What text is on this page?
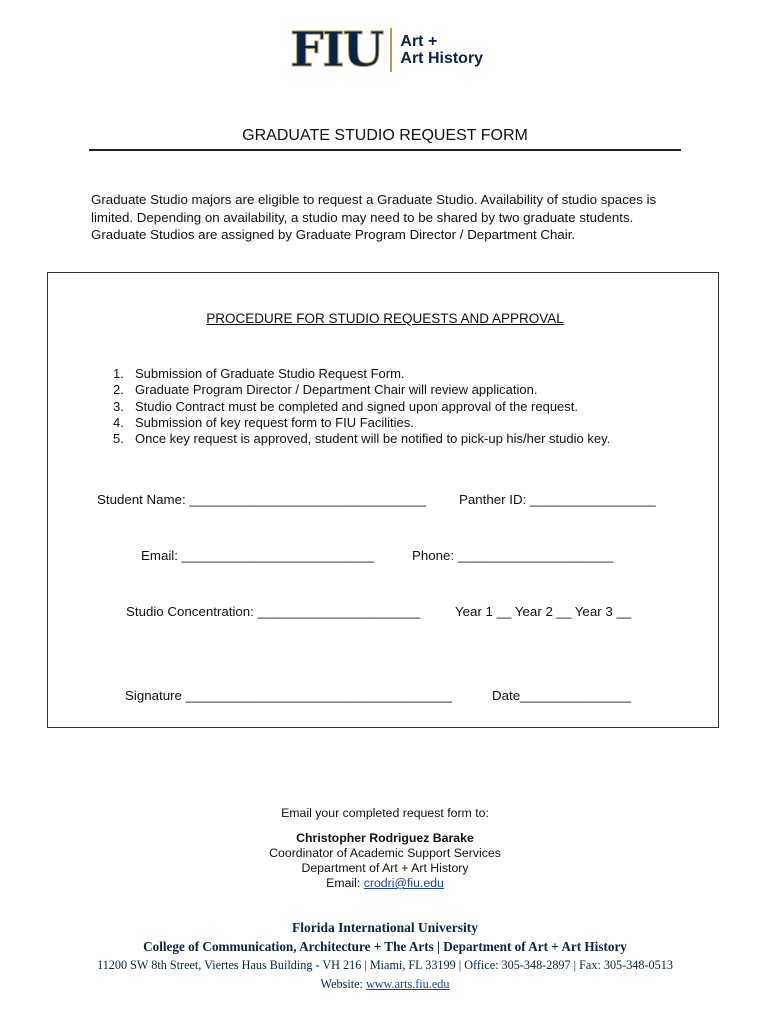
FIU Art +
Art History
GRADUATE STUDIO REQUEST FORM
Graduate Studio majors are eligible to request a Graduate Studio. Availability of studio spaces is limited. Depending on availability, a studio may need to be shared by two graduate students. Graduate Studios are assigned by Graduate Program Director / Department Chair.
PROCEDURE FOR STUDIO REQUESTS AND APPROVAL
1. Submission of Graduate Studio Request Form.
2. Graduate Program Director / Department Chair will review application.
3. Studio Contract must be completed and signed upon approval of the request.
4. Submission of key request form to FIU Facilities.
5. Once key request is approved, student will be notified to pick-up his/her studio key.
Student Name: ________________________________ Panther ID: _________________
Email: __________________________	Phone: _____________________
Studio Concentration: ______________________	Year 1 __ Year 2 __ Year 3 __
Signature ____________________________________	Date_______________
Email your completed request form to:
Christopher Rodriguez Barake
Coordinator of Academic Support Services
Department of Art + Art History
Email: crodri@fiu.edu
Florida International University
College of Communication, Architecture + The Arts | Department of Art + Art History
11200 SW 8th Street, Viertes Haus Building - VH 216 | Miami, FL 33199 | Office: 305-348-2897 | Fax: 305-348-0513
Website: www.arts.fiu.edu
